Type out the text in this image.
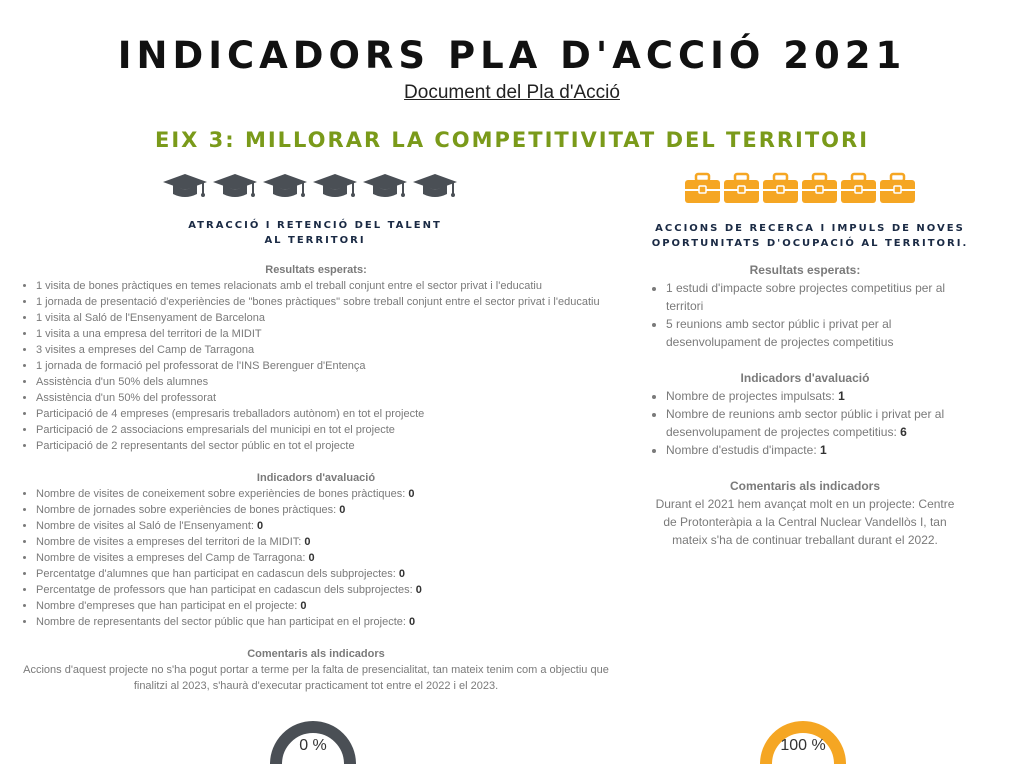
INDICADORS PLA D'ACCIÓ 2021
Document del Pla d'Acció
EIX 3: MILLORAR LA COMPETITIVITAT DEL TERRITORI
ATRACCIÓ I RETENCIÓ DEL TALENT
AL TERRITORI
ACCIONS DE RECERCA I IMPULS DE NOVES
OPORTUNITATS D'OCUPACIÓ AL TERRITORI.
Resultats esperats:
• 1 visita de bones pràctiques en temes relacionats amb el treball conjunt entre el sector privat i l'educatiu
• 1 jornada de presentació d'experiències de "bones pràctiques" sobre treball conjunt entre el sector privat i l'educatiu
• 1 visita al Saló de l'Ensenyament de Barcelona
• 1 visita a una empresa del territori de la MIDIT
• 3 visites a empreses del Camp de Tarragona
• 1 jornada de formació pel professorat de l'INS Berenguer d'Entença
• Assistència d'un 50% dels alumnes
• Assistència d'un 50% del professorat
• Participació de 4 empreses (empresaris treballadors autònom) en tot el projecte
• Participació de 2 associacions empresarials del municipi en tot el projecte
• Participació de 2 representants del sector públic en tot el projecte
Indicadors d'avaluació
• Nombre de visites de coneixement sobre experiències de bones pràctiques: 0
• Nombre de jornades sobre experiències de bones pràctiques: 0
• Nombre de visites al Saló de l'Ensenyament: 0
• Nombre de visites a empreses del territori de la MIDIT: 0
• Nombre de visites a empreses del Camp de Tarragona: 0
• Percentatge d'alumnes que han participat en cadascun dels subprojectes: 0
• Percentatge de professors que han participat en cadascun dels subprojectes: 0
• Nombre d'empreses que han participat en el projecte: 0
• Nombre de representants del sector públic que han participat en el projecte: 0
Comentaris als indicadors
Accions d'aquest projecte no s'ha pogut portar a terme per la falta de presencialitat, tan mateix tenim com a objectiu que finalitzi al 2023, s'haurà d'executar practicament tot entre el 2022 i el 2023.
Resultats esperats:
• 1 estudi d'impacte sobre projectes competitius per al territori
• 5 reunions amb sector públic i privat per al desenvolupament de projectes competitius
Indicadors d'avaluació
• Nombre de projectes impulsats: 1
• Nombre de reunions amb sector públic i privat per al desenvolupament de projectes competitius: 6
• Nombre d'estudis d'impacte: 1
Comentaris als indicadors
Durant el 2021 hem avançat molt en un projecte: Centre de Protonteràpia a la Central Nuclear Vandellòs I, tan mateix s'ha de continuar treballant durant el 2022.
0 %	100 %
